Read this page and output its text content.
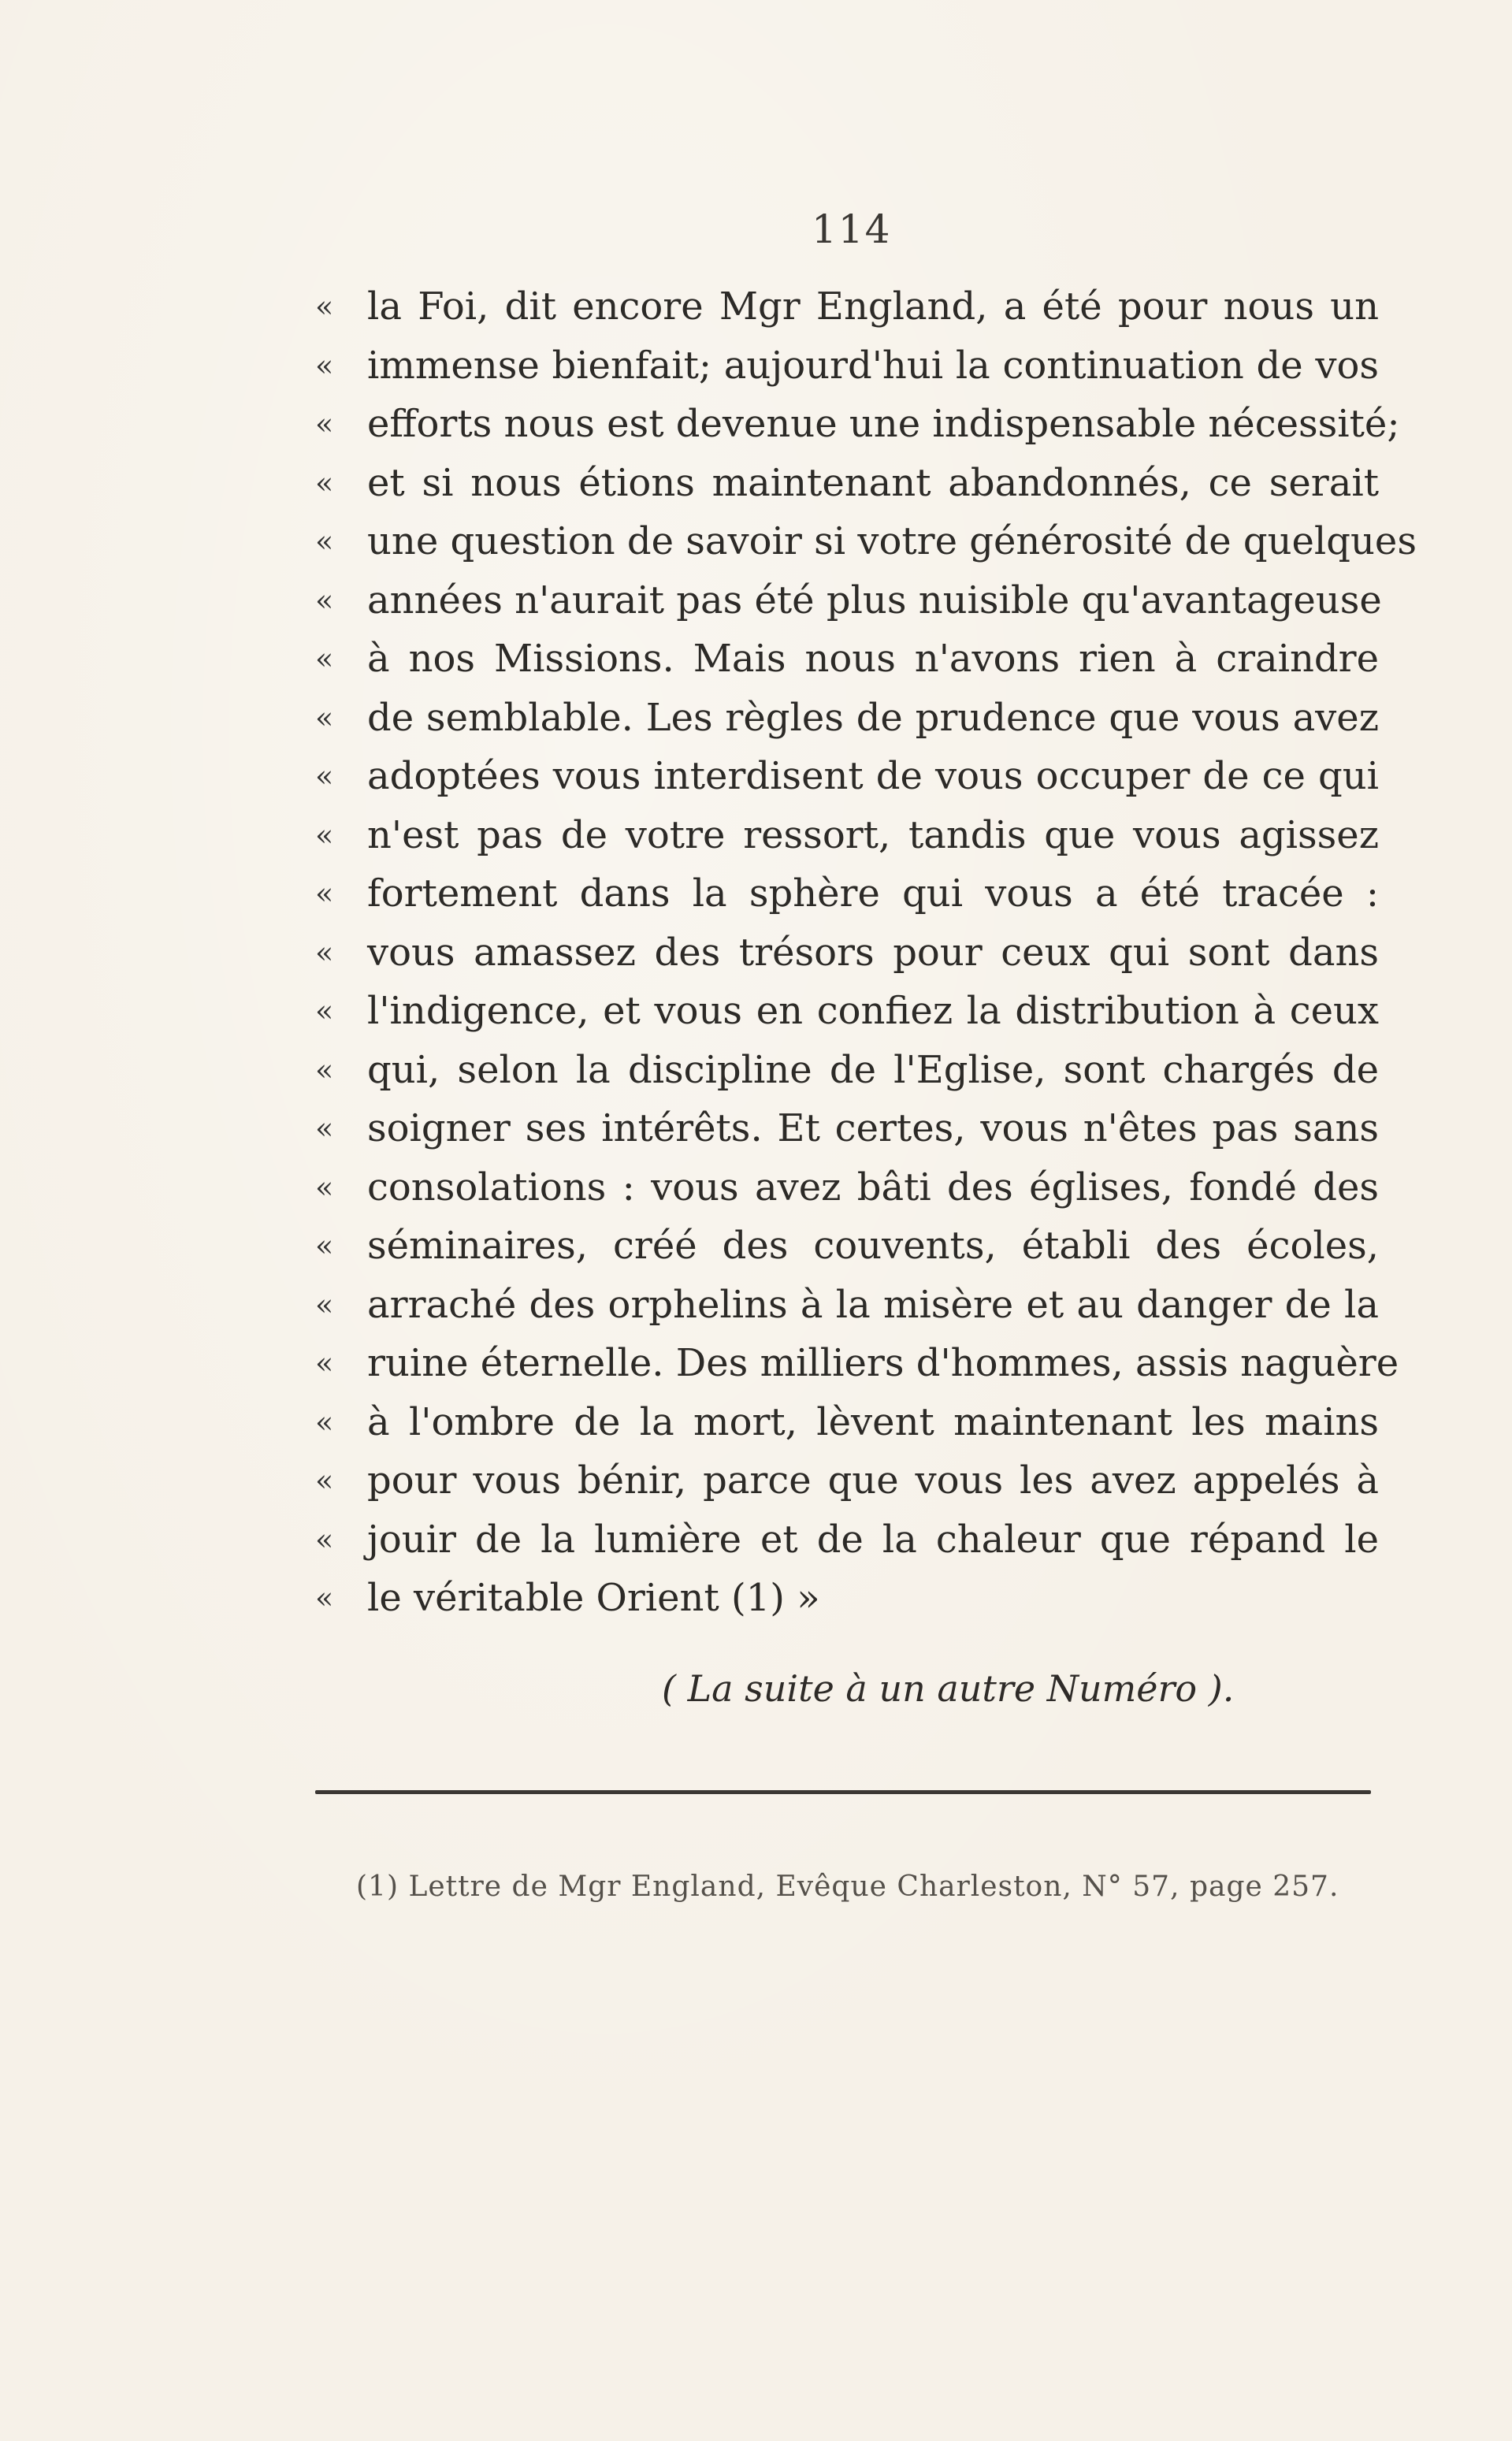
114
« la Foi, dit encore Mgr England, a été pour nous un
« immense bienfait; aujourd'hui la continuation de vos
« efforts nous est devenue une indispensable nécessité;
« et si nous étions maintenant abandonnés, ce serait
« une question de savoir si votre générosité de quelques
« années n'aurait pas été plus nuisible qu'avantageuse
« à nos Missions. Mais nous n'avons rien à craindre
« de semblable. Les règles de prudence que vous avez
« adoptées vous interdisent de vous occuper de ce qui
« n'est pas de votre ressort, tandis que vous agissez
« fortement dans la sphère qui vous a été tracée :
« vous amassez des trésors pour ceux qui sont dans
« l'indigence, et vous en confiez la distribution à ceux
« qui, selon la discipline de l'Eglise, sont chargés de
« soigner ses intérêts. Et certes, vous n'êtes pas sans
« consolations : vous avez bâti des églises, fondé des
« séminaires, créé des couvents, établi des écoles,
« arraché des orphelins à la misère et au danger de la
« ruine éternelle. Des milliers d'hommes, assis naguère
« à l'ombre de la mort, lèvent maintenant les mains
« pour vous bénir, parce que vous les avez appelés à
« jouir de la lumière et de la chaleur que répand le
« le véritable Orient (1) »
( La suite à un autre Numéro ).
(1) Lettre de Mgr England, Evêque Charleston, N° 57, page 257.
